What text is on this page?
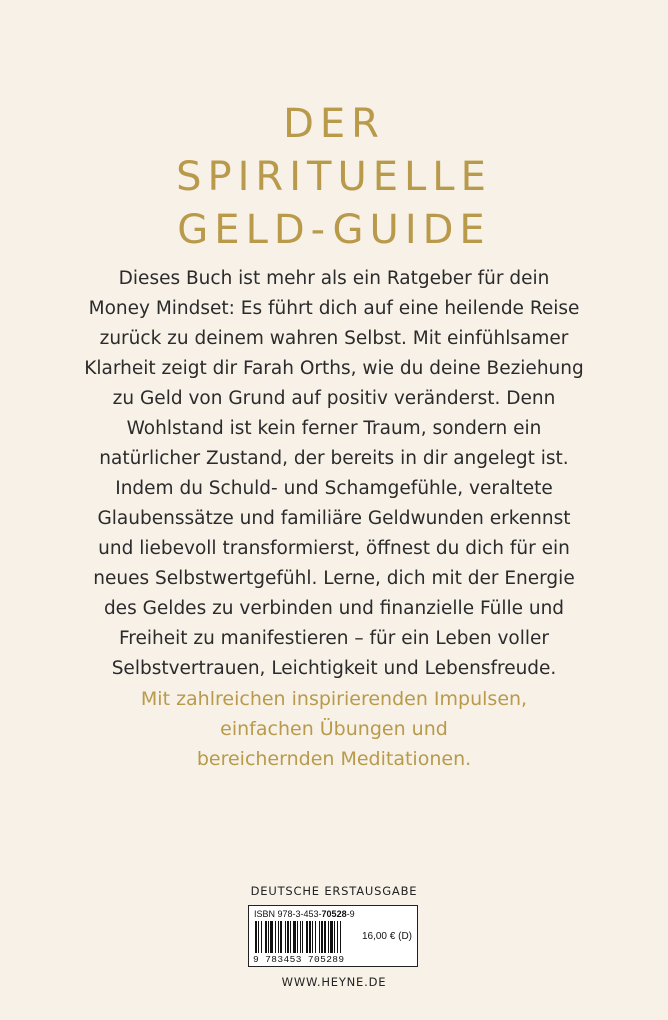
DER
SPIRITUELLE
GELD-GUIDE

Dieses Buch ist mehr als ein Ratgeber für dein
Money Mindset: Es führt dich auf eine heilende Reise
zurück zu deinem wahren Selbst. Mit einfühlsamer
Klarheit zeigt dir Farah Orths, wie du deine Beziehung
zu Geld von Grund auf positiv veränderst. Denn
Wohlstand ist kein ferner Traum, sondern ein
natürlicher Zustand, der bereits in dir angelegt ist.
Indem du Schuld- und Schamgefühle, veraltete
Glaubenssätze und familiäre Geldwunden erkennst
und liebevoll transformierst, öffnest du dich für ein
neues Selbstwertgefühl. Lerne, dich mit der Energie
des Geldes zu verbinden und finanzielle Fülle und
Freiheit zu manifestieren – für ein Leben voller
Selbstvertrauen, Leichtigkeit und Lebensfreude.

Mit zahlreichen inspirierenden Impulsen,
einfachen Übungen und
bereichernden Meditationen.

DEUTSCHE ERSTAUSGABE
ISBN 978-3-453-70528-9
16,00 € (D)
9 783453 705289
WWW.HEYNE.DE
